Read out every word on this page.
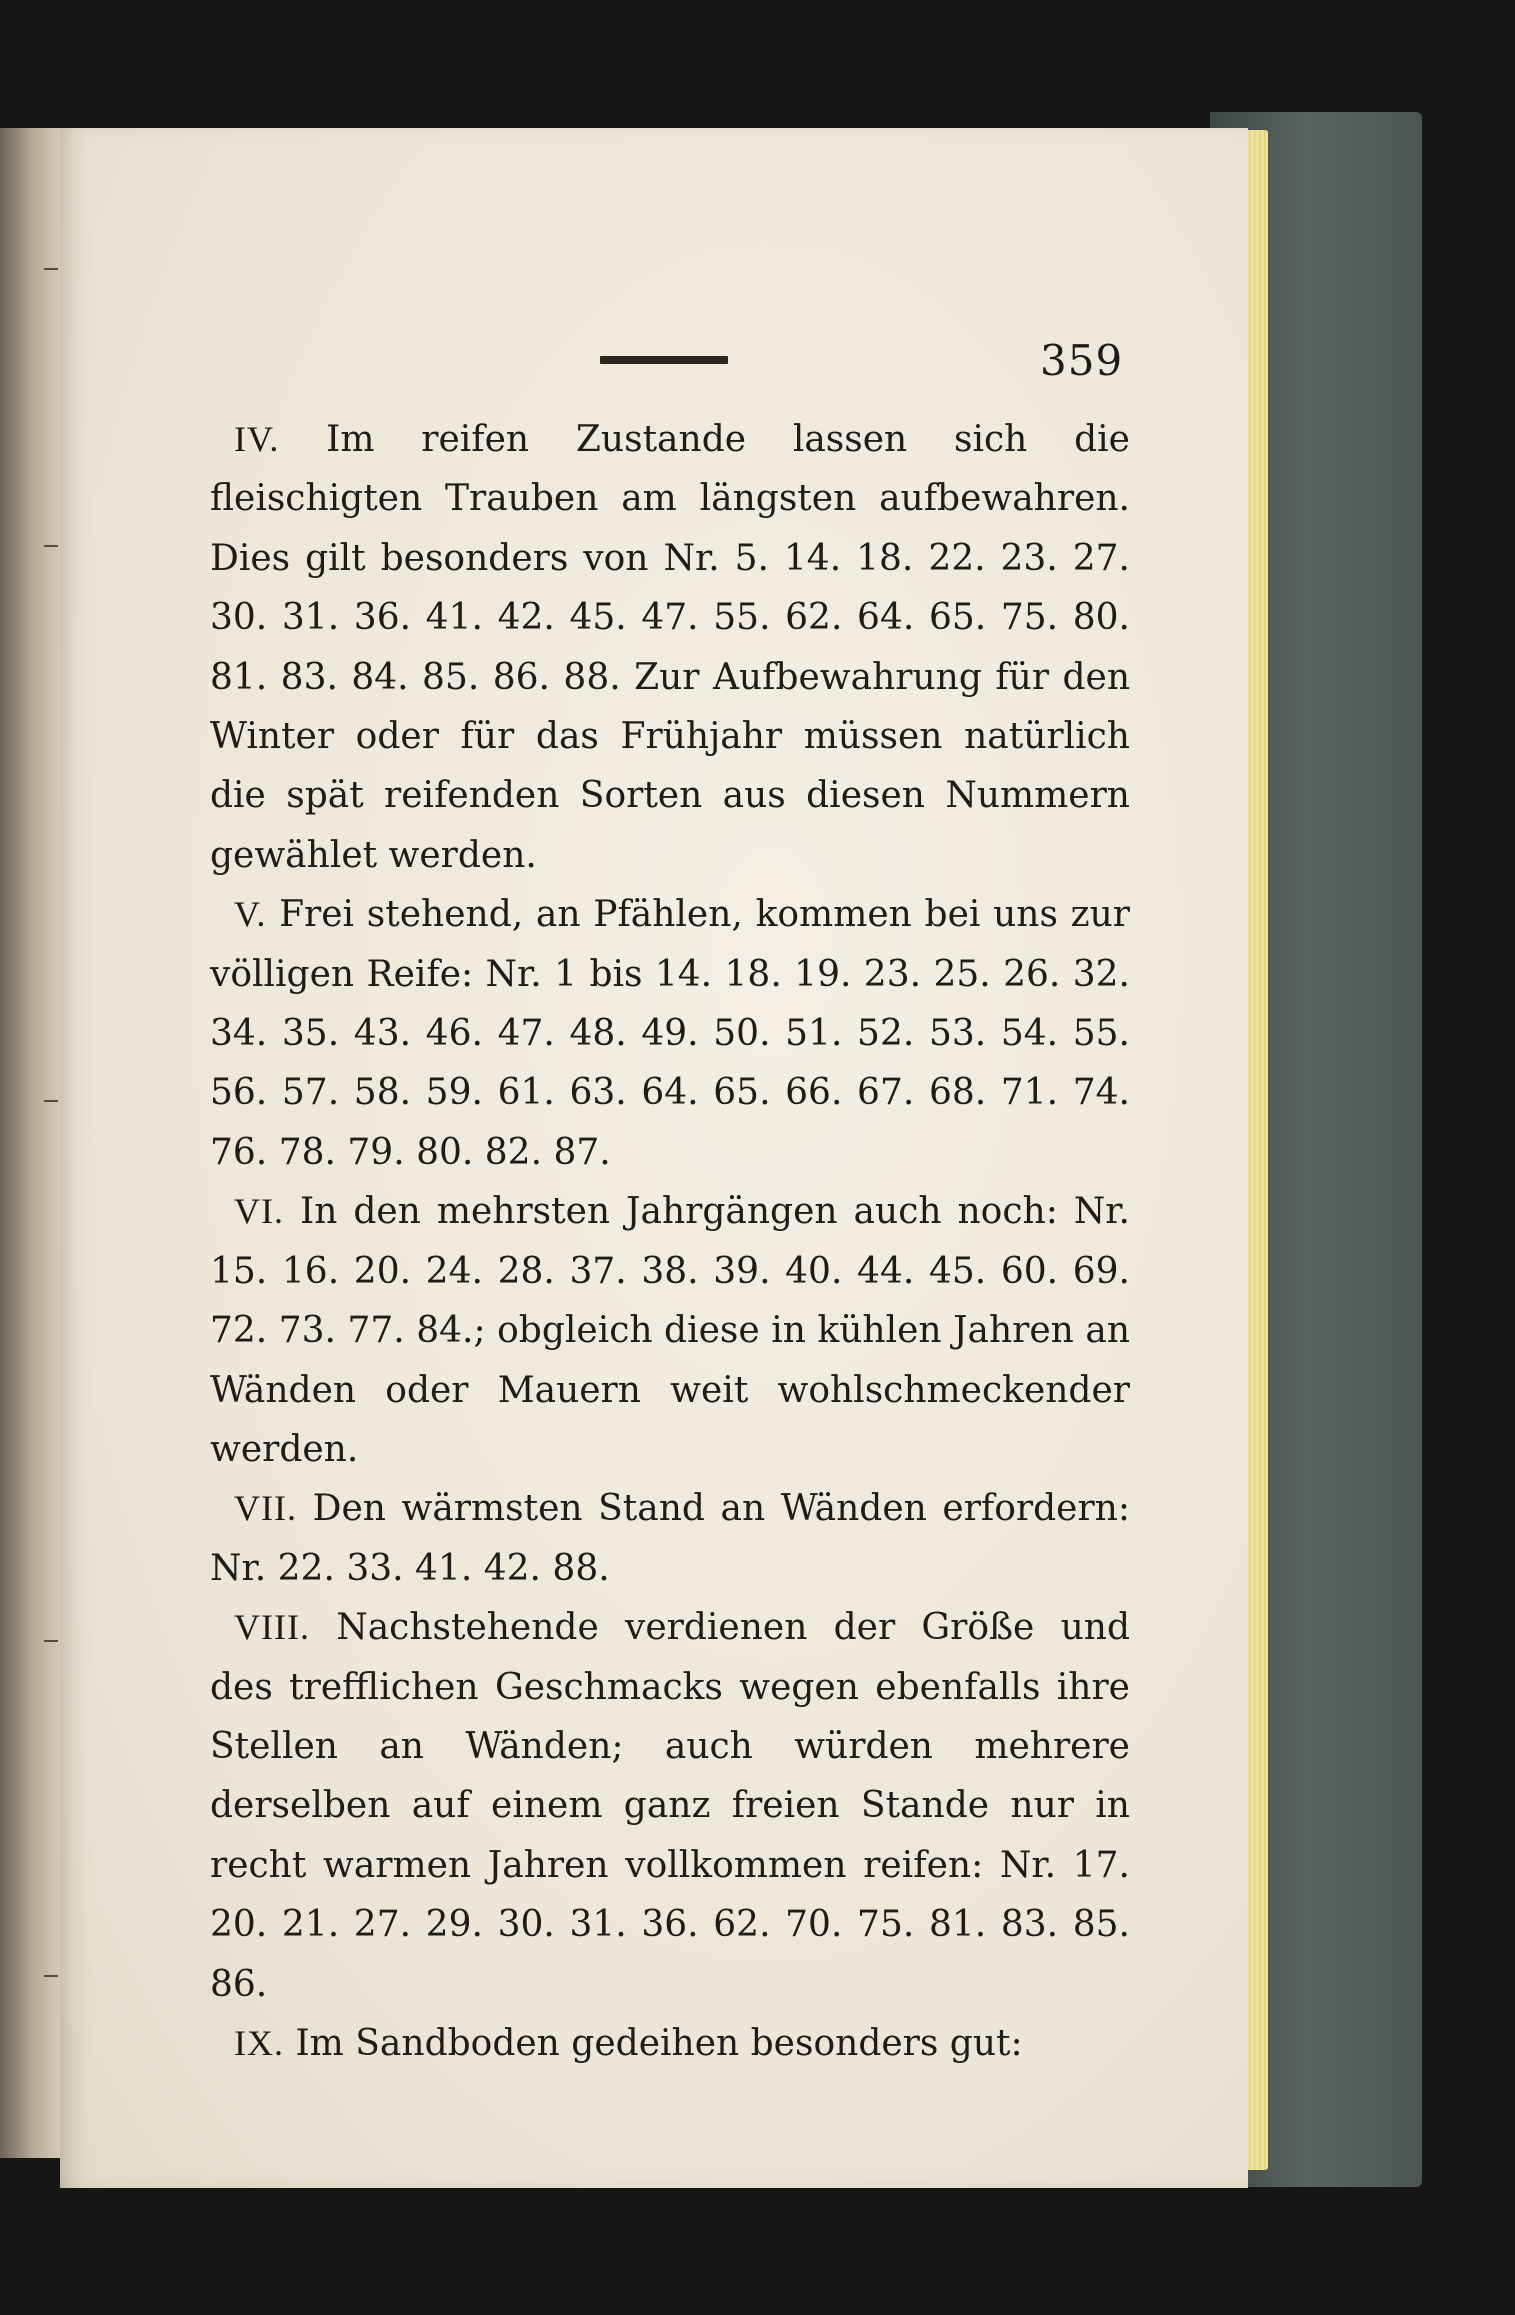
359

IV. Im reifen Zustande lassen sich die fleischigten Trauben am längsten aufbewahren. Dies gilt besonders von Nr. 5. 14. 18. 22. 23. 27. 30. 31. 36. 41. 42. 45. 47. 55. 62. 64. 65. 75. 80. 81. 83. 84. 85. 86. 88. Zur Aufbewahrung für den Winter oder für das Frühjahr müssen natürlich die spät reifenden Sorten aus diesen Nummern gewählet werden.

V. Frei stehend, an Pfählen, kommen bei uns zur völligen Reife: Nr. 1 bis 14. 18. 19. 23. 25. 26. 32. 34. 35. 43. 46. 47. 48. 49. 50. 51. 52. 53. 54. 55. 56. 57. 58. 59. 61. 63. 64. 65. 66. 67. 68. 71. 74. 76. 78. 79. 80. 82. 87.

VI. In den mehrsten Jahrgängen auch noch: Nr. 15. 16. 20. 24. 28. 37. 38. 39. 40. 44. 45. 60. 69. 72. 73. 77. 84.; obgleich diese in kühlen Jahren an Wänden oder Mauern weit wohlschmeckender werden.

VII. Den wärmsten Stand an Wänden erfordern: Nr. 22. 33. 41. 42. 88.

VIII. Nachstehende verdienen der Größe und des trefflichen Geschmacks wegen ebenfalls ihre Stellen an Wänden; auch würden mehrere derselben auf einem ganz freien Stande nur in recht warmen Jahren vollkommen reifen: Nr. 17. 20. 21. 27. 29. 30. 31. 36. 62. 70. 75. 81. 83. 85. 86.

IX. Im Sandboden gedeihen besonders gut:
